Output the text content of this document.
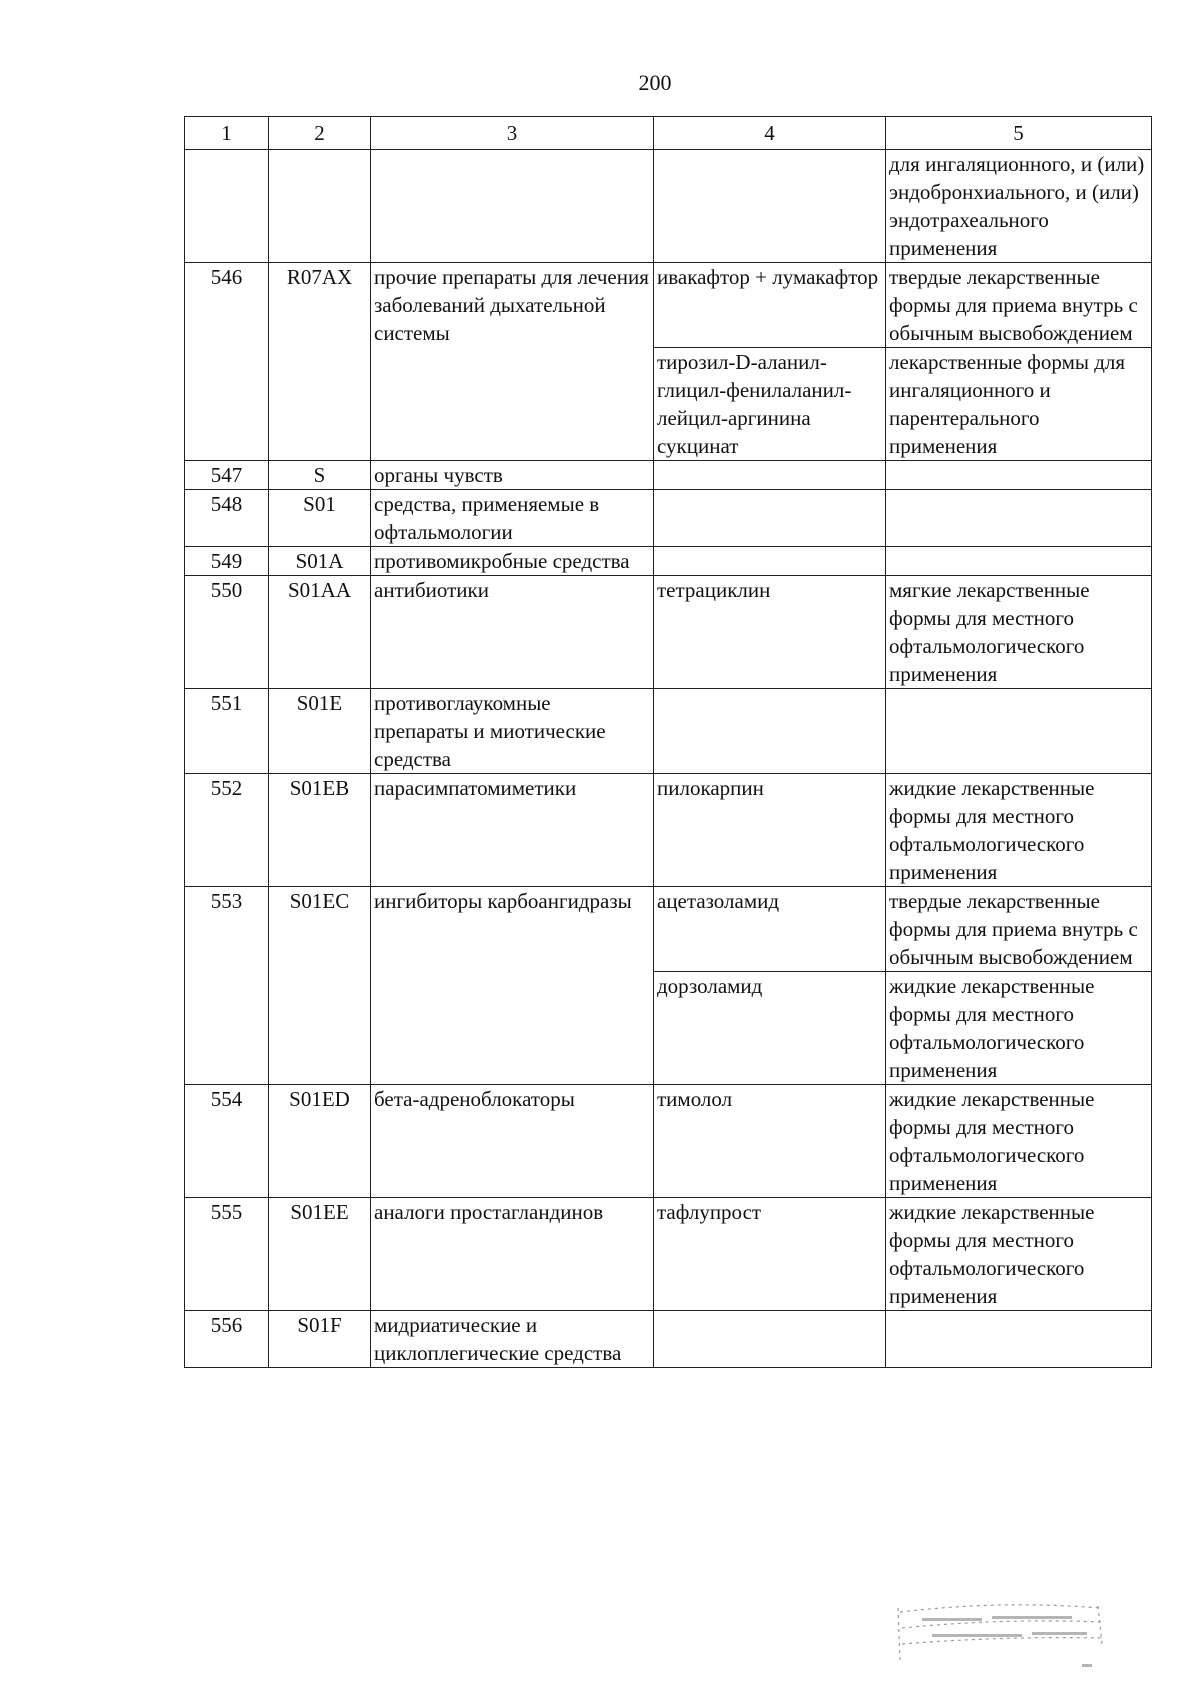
200
1	2	3	4	5
				для ингаляционного, и (или) эндобронхиального, и (или) эндотрахеального применения
546	R07AX	прочие препараты для лечения заболеваний дыхательной системы	ивакафтор + лумакафтор	твердые лекарственные формы для приема внутрь с обычным высвобождением
			тирозил-D-аланил-глицил-фенилаланил-лейцил-аргинина сукцинат	лекарственные формы для ингаляционного и парентерального применения
547	S	органы чувств		
548	S01	средства, применяемые в офтальмологии		
549	S01A	противомикробные средства		
550	S01AA	антибиотики	тетрациклин	мягкие лекарственные формы для местного офтальмологического применения
551	S01E	противоглаукомные препараты и миотические средства		
552	S01EB	парасимпатомиметики	пилокарпин	жидкие лекарственные формы для местного офтальмологического применения
553	S01EC	ингибиторы карбоангидразы	ацетазоламид	твердые лекарственные формы для приема внутрь с обычным высвобождением
			дорзоламид	жидкие лекарственные формы для местного офтальмологического применения
554	S01ED	бета-адреноблокаторы	тимолол	жидкие лекарственные формы для местного офтальмологического применения
555	S01EE	аналоги простагландинов	тафлупрост	жидкие лекарственные формы для местного офтальмологического применения
556	S01F	мидриатические и циклоплегические средства		
